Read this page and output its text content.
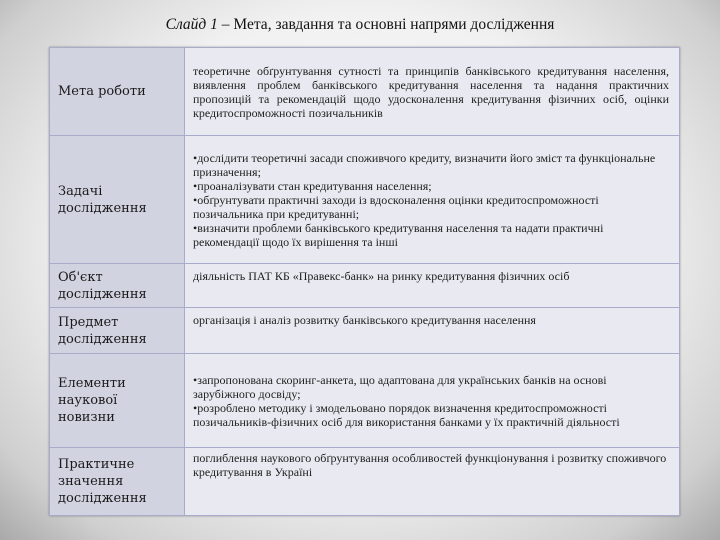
Слайд 1 – Мета, завдання та основні напрями дослідження
Мета роботи	теоретичне обґрунтування сутності та принципів банківського кредитування населення, виявлення проблем банківського кредитування населення та надання практичних пропозицій та рекомендацій щодо удосконалення кредитування фізичних осіб, оцінки кредитоспроможності позичальників
Задачі дослідження	•дослідити теоретичні засади споживчого кредиту, визначити його зміст та функціональне призначення;
•проаналізувати стан кредитування населення;
•обґрунтувати практичні заходи із вдосконалення оцінки кредитоспроможності позичальника при кредитуванні;
•визначити проблеми банківського кредитування населення та надати практичні рекомендації щодо їх вирішення та інші

Об'єкт дослідження	діяльність ПАТ КБ «Правекс-банк» на ринку кредитування фізичних осіб
Предмет дослідження	організація і аналіз розвитку банківського кредитування населення
Елементи наукової новизни	•запропонована скоринг-анкета, що адаптована для українських банків на основі зарубіжного досвіду;
•розроблено методику і змодельовано порядок визначення кредитоспроможності позичальників-фізичних осіб для використання банками у їх практичній діяльності

Практичне значення дослідження	поглиблення наукового обґрунтування особливостей функціонування і розвитку споживчого кредитування в Україні
